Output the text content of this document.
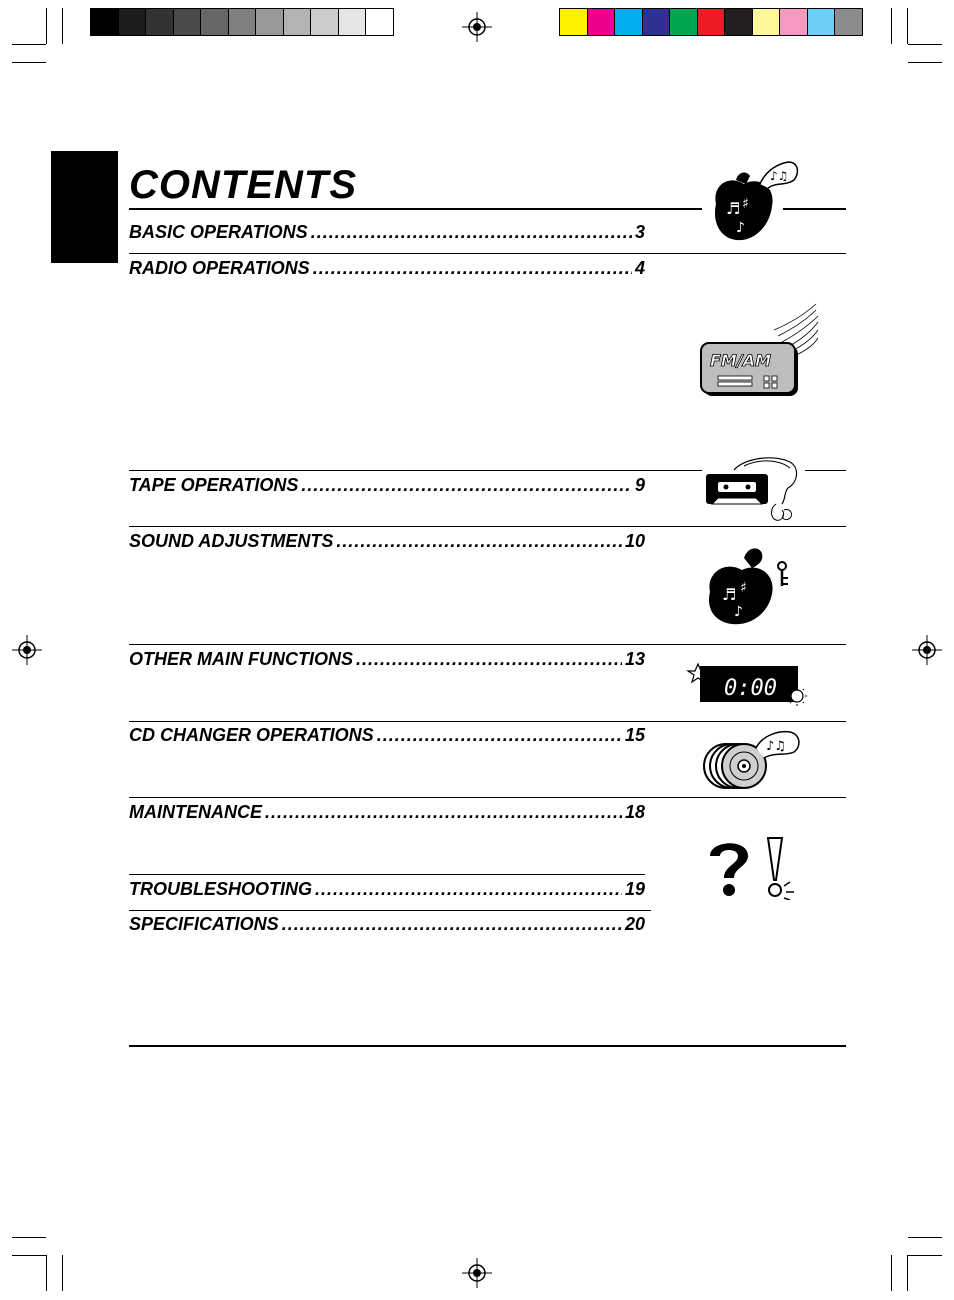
CONTENTS
BASIC OPERATIONS .....	3
RADIO OPERATIONS .....	4
TAPE OPERATIONS .....	9
SOUND ADJUSTMENTS .....	10
OTHER MAIN FUNCTIONS .....	13
CD CHANGER OPERATIONS .....	15
MAINTENANCE .....	18
TROUBLESHOOTING .....	19
SPECIFICATIONS .....	20
♬ ♯
♪
♪♫
FM/AM
♬ ♯
♪
0:00
♪♫
